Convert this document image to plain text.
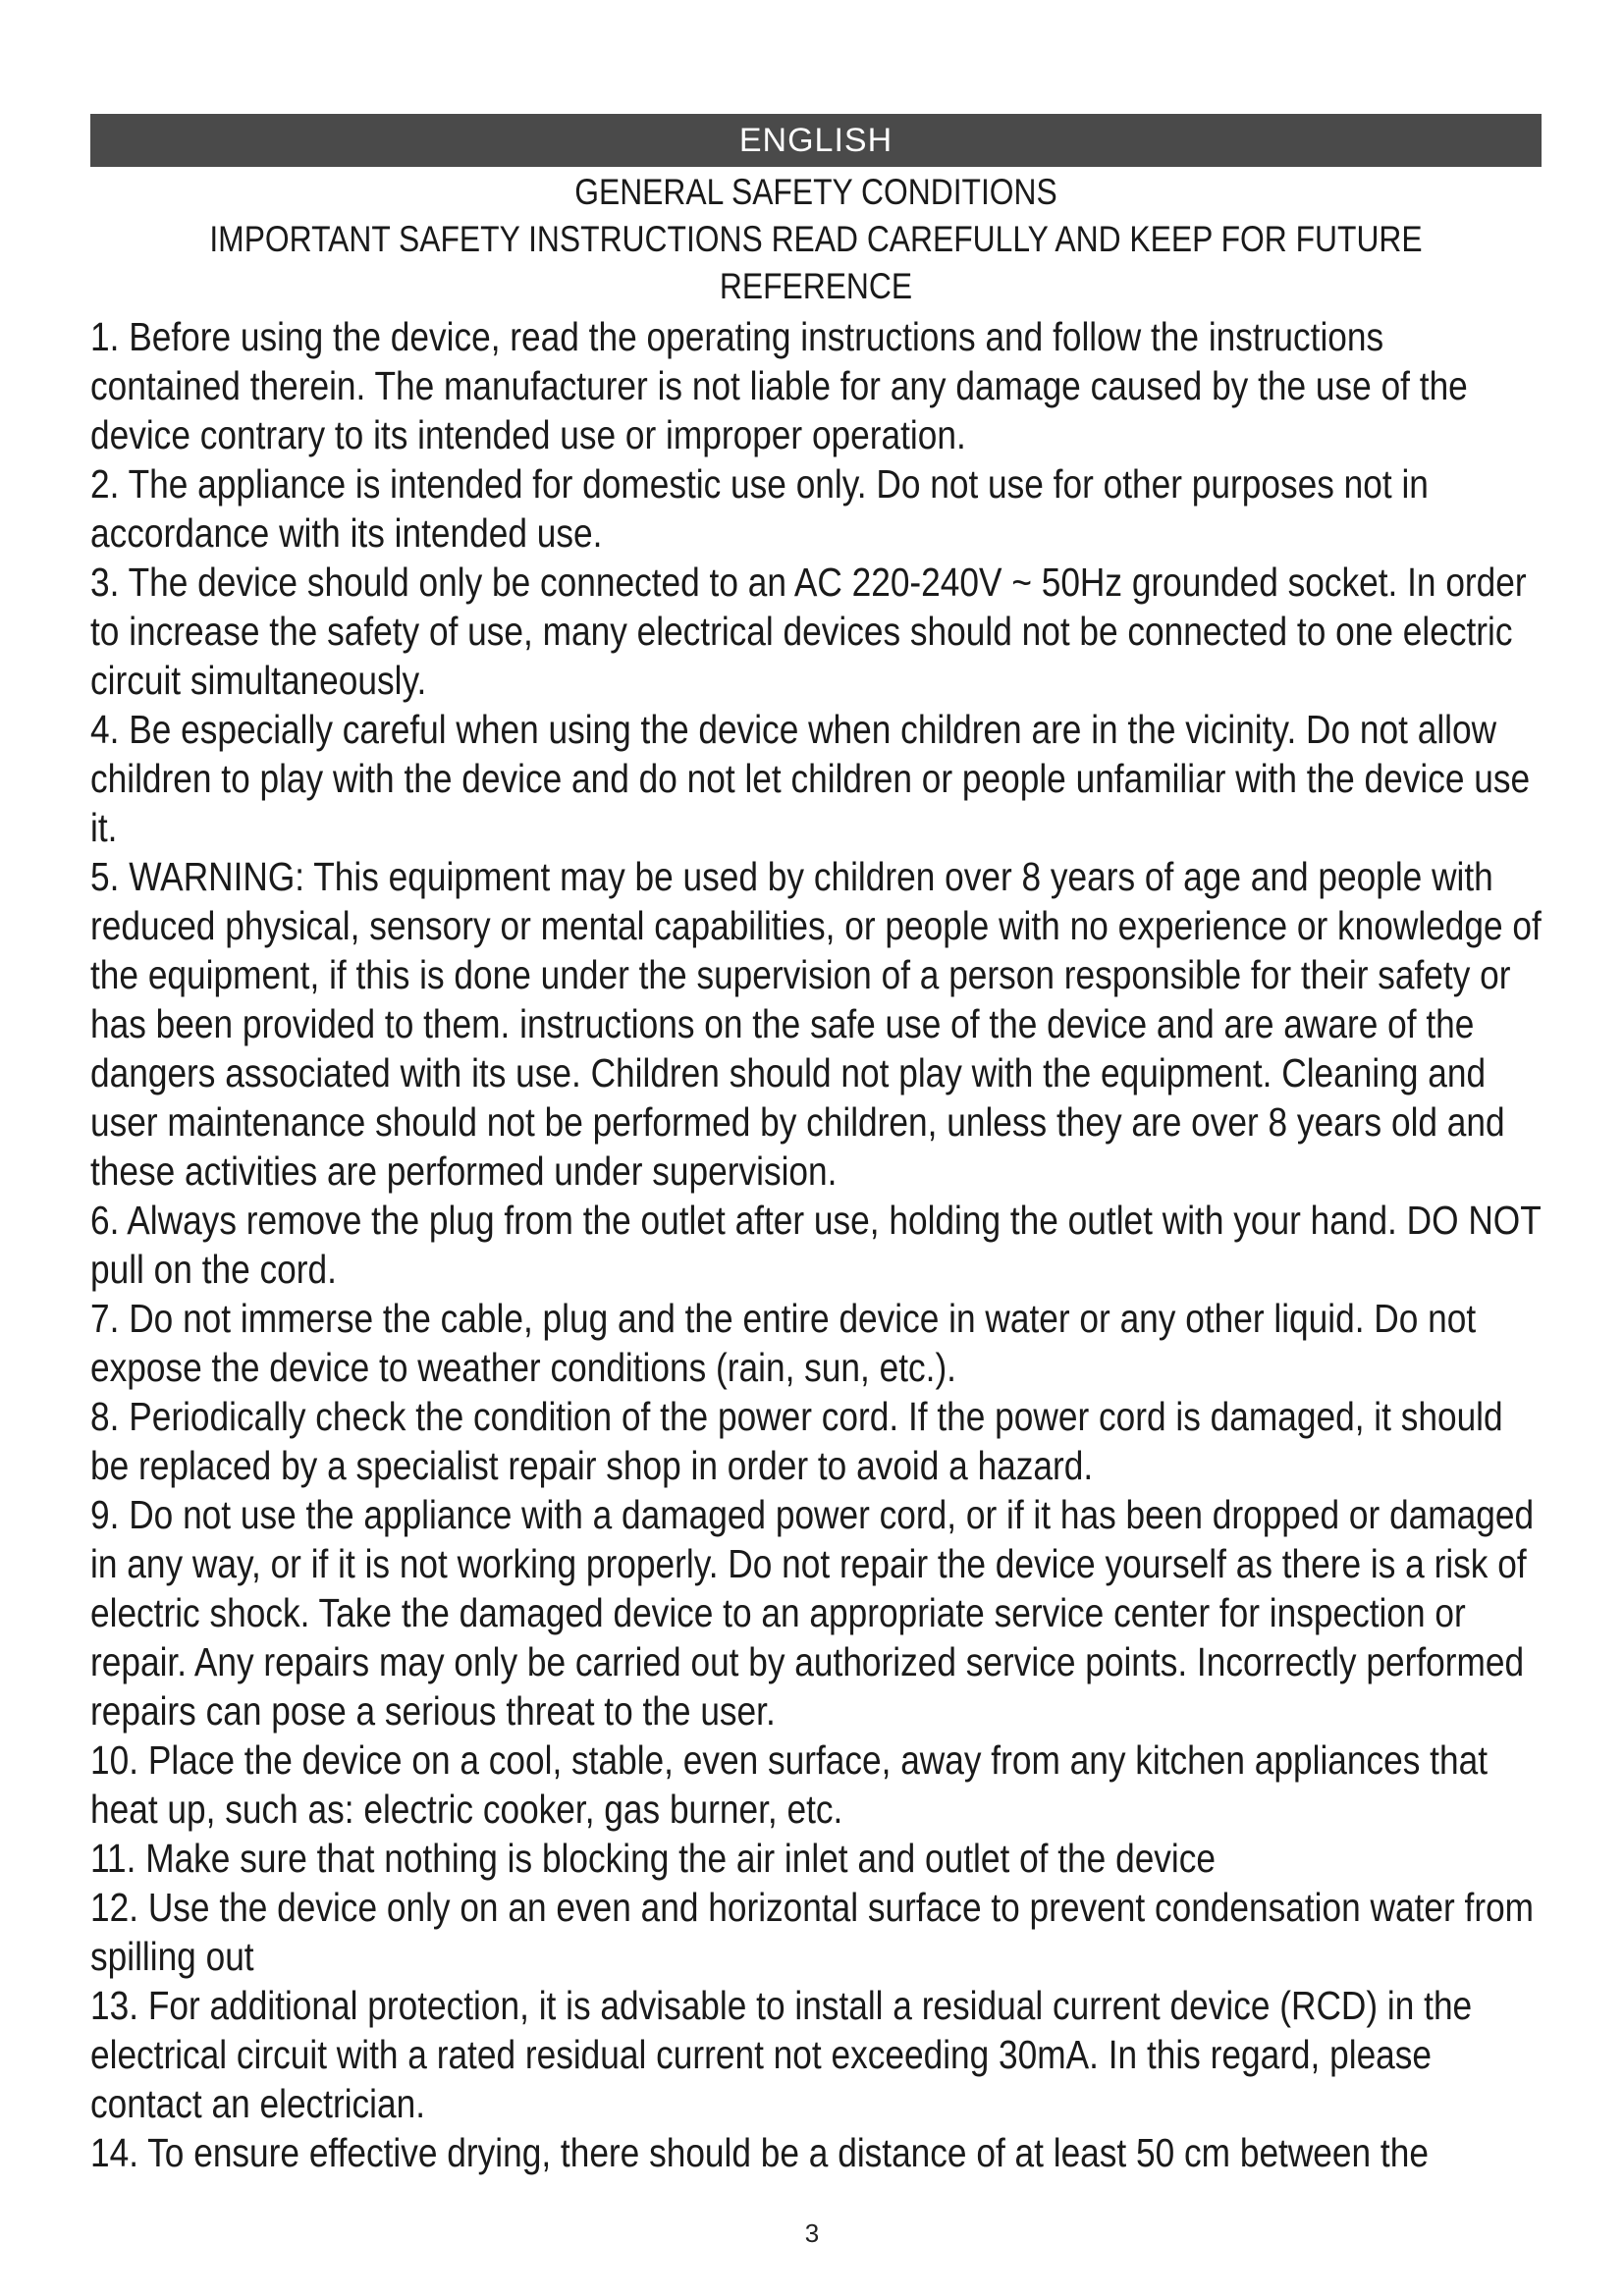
ENGLISH
GENERAL SAFETY CONDITIONS
IMPORTANT SAFETY INSTRUCTIONS READ CAREFULLY AND KEEP FOR FUTURE
REFERENCE

1. Before using the device, read the operating instructions and follow the instructions contained therein. The manufacturer is not liable for any damage caused by the use of the device contrary to its intended use or improper operation.

2. The appliance is intended for domestic use only. Do not use for other purposes not in accordance with its intended use.

3. The device should only be connected to an AC 220-240V ~ 50Hz grounded socket. In order to increase the safety of use, many electrical devices should not be connected to one electric circuit simultaneously.

4. Be especially careful when using the device when children are in the vicinity. Do not allow children to play with the device and do not let children or people unfamiliar with the device use it.

5. WARNING: This equipment may be used by children over 8 years of age and people with reduced physical, sensory or mental capabilities, or people with no experience or knowledge of the equipment, if this is done under the supervision of a person responsible for their safety or has been provided to them. instructions on the safe use of the device and are aware of the dangers associated with its use. Children should not play with the equipment. Cleaning and user maintenance should not be performed by children, unless they are over 8 years old and these activities are performed under supervision.

6. Always remove the plug from the outlet after use, holding the outlet with your hand. DO NOT pull on the cord.

7. Do not immerse the cable, plug and the entire device in water or any other liquid. Do not expose the device to weather conditions (rain, sun, etc.).

8. Periodically check the condition of the power cord. If the power cord is damaged, it should be replaced by a specialist repair shop in order to avoid a hazard.

9. Do not use the appliance with a damaged power cord, or if it has been dropped or damaged in any way, or if it is not working properly. Do not repair the device yourself as there is a risk of electric shock. Take the damaged device to an appropriate service center for inspection or repair. Any repairs may only be carried out by authorized service points. Incorrectly performed repairs can pose a serious threat to the user.

10. Place the device on a cool, stable, even surface, away from any kitchen appliances that heat up, such as: electric cooker, gas burner, etc.

11. Make sure that nothing is blocking the air inlet and outlet of the device

12. Use the device only on an even and horizontal surface to prevent condensation water from spilling out

13. For additional protection, it is advisable to install a residual current device (RCD) in the electrical circuit with a rated residual current not exceeding 30mA. In this regard, please contact an electrician.

14. To ensure effective drying, there should be a distance of at least 50 cm between the

3
